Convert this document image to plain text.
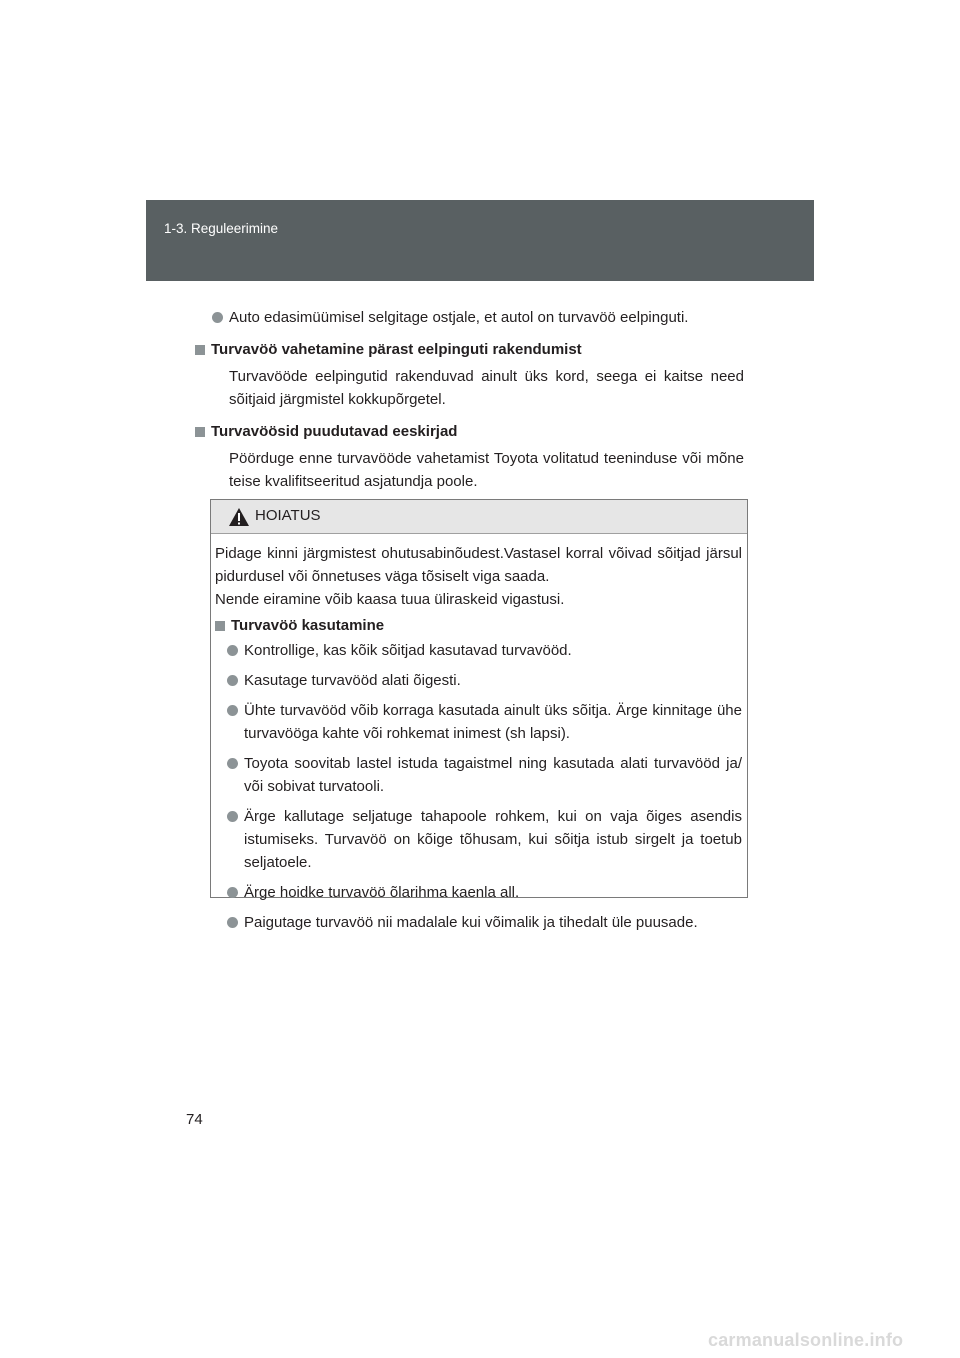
1-3. Reguleerimine
Auto edasimüümisel selgitage ostjale, et autol on turvavöö eelpinguti.
Turvavöö vahetamine pärast eelpinguti rakendumist
Turvavööde eelpingutid rakenduvad ainult üks kord, seega ei kaitse need sõitjaid järgmistel kokkupõrgetel.
Turvavöösid puudutavad eeskirjad
Pöörduge enne turvavööde vahetamist Toyota volitatud teeninduse või mõne teise kvalifitseeritud asjatundja poole.
HOIATUS
Pidage kinni järgmistest ohutusabinõudest.Vastasel korral võivad sõitjad järsul pidurdusel või õnnetuses väga tõsiselt viga saada.
Nende eiramine võib kaasa tuua üliraskeid vigastusi.
Turvavöö kasutamine
Kontrollige, kas kõik sõitjad kasutavad turvavööd.
Kasutage turvavööd alati õigesti.
Ühte turvavööd võib korraga kasutada ainult üks sõitja. Ärge kinnitage ühe turvavööga kahte või rohkemat inimest (sh lapsi).
Toyota soovitab lastel istuda tagaistmel ning kasutada alati turvavööd ja/ või sobivat turvatooli.
Ärge kallutage seljatuge tahapoole rohkem, kui on vaja õiges asendis istumiseks. Turvavöö on kõige tõhusam, kui sõitja istub sirgelt ja toetub seljatoele.
Ärge hoidke turvavöö õlarihma kaenla all.
Paigutage turvavöö nii madalale kui võimalik ja tihedalt üle puusade.
74
carmanualsonline.info
